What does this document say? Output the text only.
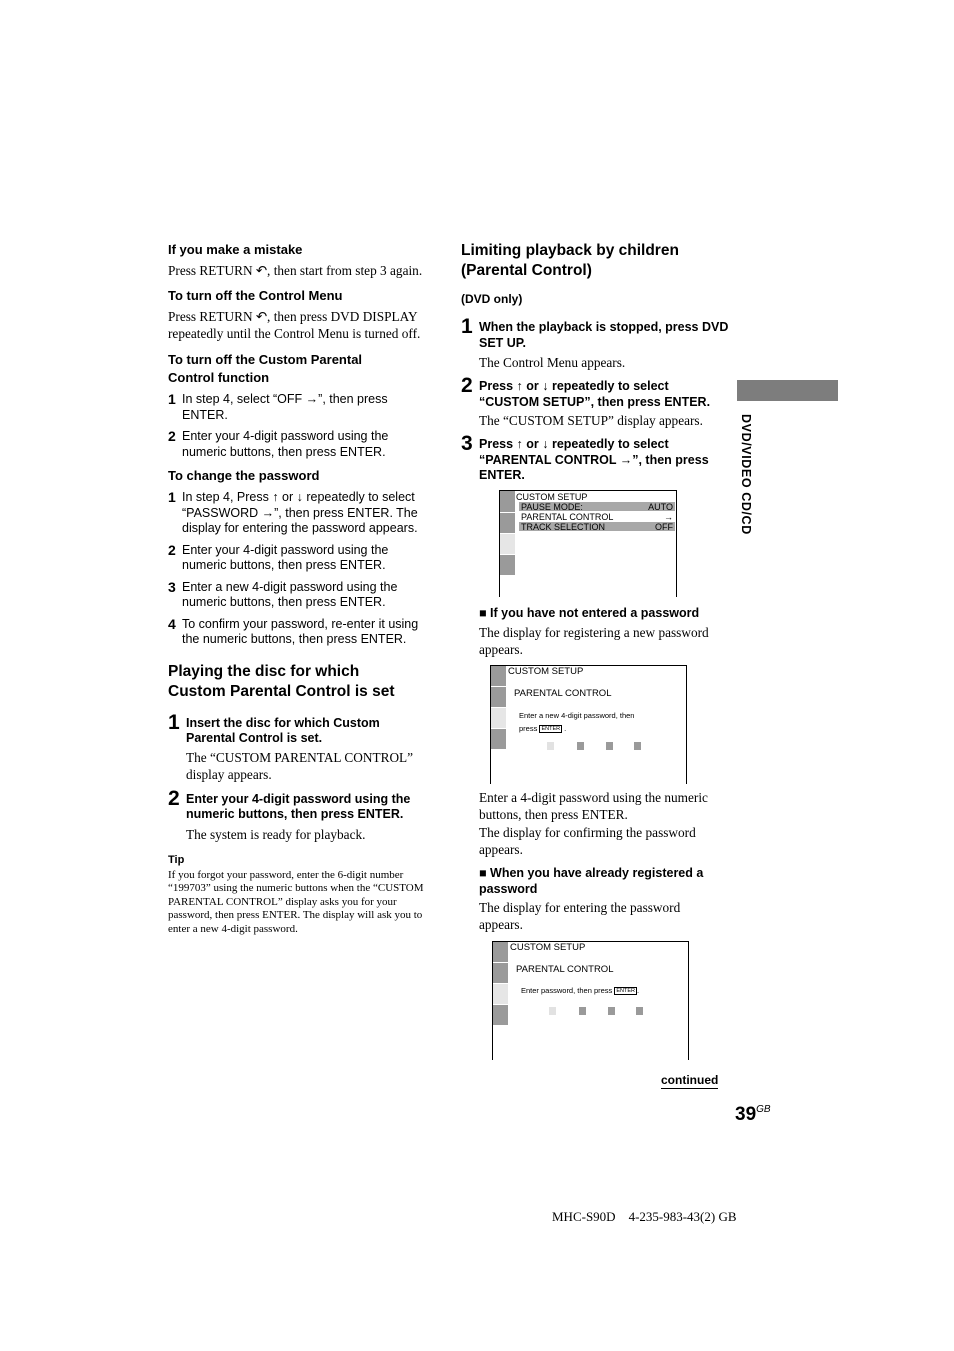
If you make a mistake
Press RETURN ↶, then start from step 3 again.
To turn off the Control Menu
Press RETURN ↶, then press DVD DISPLAY repeatedly until the Control Menu is turned off.
To turn off the Custom Parental
Control function
1 In step 4, select “OFF →”, then press ENTER.
2 Enter your 4-digit password using the numeric buttons, then press ENTER.
To change the password
1 In step 4, Press ↑ or ↓ repeatedly to select “PASSWORD →”, then press ENTER. The display for entering the password appears.
2 Enter your 4-digit password using the numeric buttons, then press ENTER.
3 Enter a new 4-digit password using the numeric buttons, then press ENTER.
4 To confirm your password, re-enter it using the numeric buttons, then press ENTER.
Playing the disc for which
Custom Parental Control is set
1 Insert the disc for which Custom Parental Control is set.
The “CUSTOM PARENTAL CONTROL” display appears.
2 Enter your 4-digit password using the numeric buttons, then press ENTER.
The system is ready for playback.
Tip
If you forgot your password, enter the 6-digit number “199703” using the numeric buttons when the “CUSTOM PARENTAL CONTROL” display asks you for your password, then press ENTER. The display will ask you to enter a new 4-digit password.
Limiting playback by children
(Parental Control)
(DVD only)
1 When the playback is stopped, press DVD SET UP.
The Control Menu appears.
2 Press ↑ or ↓ repeatedly to select “CUSTOM SETUP”, then press ENTER.
The “CUSTOM SETUP” display appears.
3 Press ↑ or ↓ repeatedly to select “PARENTAL CONTROL →”, then press ENTER.
CUSTOM SETUP
PAUSE MODE:	AUTO
PARENTAL CONTROL	→
TRACK SELECTION	OFF
■ If you have not entered a password
The display for registering a new password appears.
CUSTOM SETUP
PARENTAL CONTROL
Enter a new 4-digit password, then
press ENTER .
Enter a 4-digit password using the numeric buttons, then press ENTER.
The display for confirming the password appears.
■ When you have already registered a password
The display for entering the password appears.
CUSTOM SETUP
PARENTAL CONTROL
Enter password, then press ENTER .
continued
DVD/VIDEO CD/CD
$39^{GB}$
MHC-S90D    4-235-983-43(2) GB
